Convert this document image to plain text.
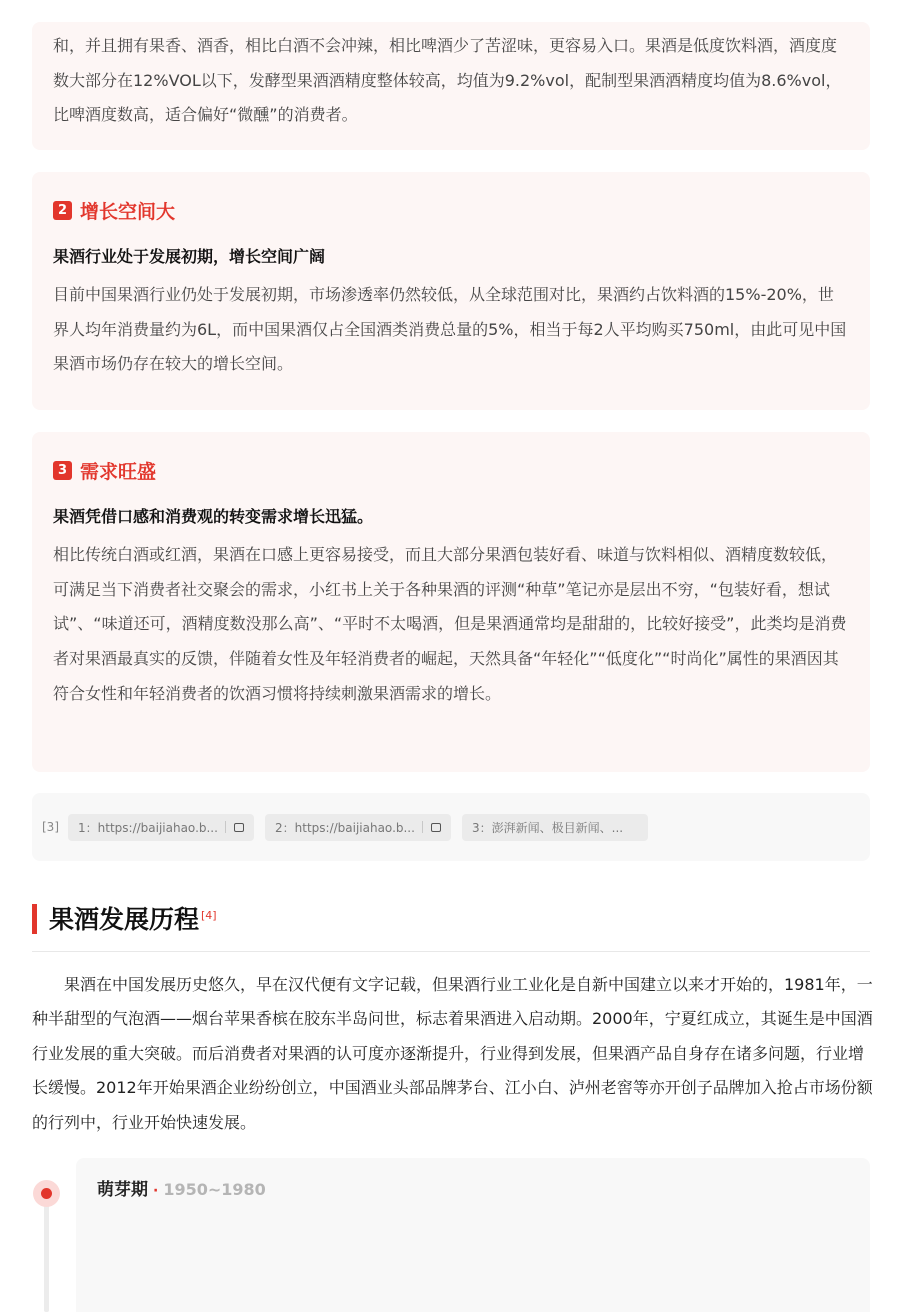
和，并且拥有果香、酒香，相比白酒不会冲辣，相比啤酒少了苦涩味，更容易入口。果酒是低度饮料酒，酒度度数大部分在12%VOL以下，发酵型果酒酒精度整体较高，均值为9.2%vol，配制型果酒酒精度均值为8.6%vol，比啤酒度数高，适合偏好“微醺”的消费者。
2 增长空间大
果酒行业处于发展初期，增长空间广阔
目前中国果酒行业仍处于发展初期，市场渗透率仍然较低，从全球范围对比，果酒约占饮料酒的15%-20%，世界人均年消费量约为6L，而中国果酒仅占全国酒类消费总量的5%，相当于每2人平均购买750ml，由此可见中国果酒市场仍存在较大的增长空间。
3 需求旺盛
果酒凭借口感和消费观的转变需求增长迅猛。
相比传统白酒或红酒，果酒在口感上更容易接受，而且大部分果酒包装好看、味道与饮料相似、酒精度数较低，可满足当下消费者社交聚会的需求，小红书上关于各种果酒的评测“种草”笔记亦是层出不穷，“包装好看，想试试”、“味道还可，酒精度数没那么高”、“平时不太喝酒，但是果酒通常均是甜甜的，比较好接受”，此类均是消费者对果酒最真实的反馈，伴随着女性及年轻消费者的崛起，天然具备“年轻化”“低度化”“时尚化”属性的果酒因其符合女性和年轻消费者的饮酒习惯将持续刺激果酒需求的增长。
[3] 1：https://baijiahao.b...	2：https://baijiahao.b...	3：澎湃新闻、极目新闻、...
果酒发展历程 [4]
果酒在中国发展历史悠久，早在汉代便有文字记载，但果酒行业工业化是自新中国建立以来才开始的，1981年，一种半甜型的气泡酒——烟台苹果香槟在胶东半岛问世，标志着果酒进入启动期。2000年，宁夏红成立，其诞生是中国酒行业发展的重大突破。而后消费者对果酒的认可度亦逐渐提升，行业得到发展，但果酒产品自身存在诸多问题，行业增长缓慢。2012年开始果酒企业纷纷创立，中国酒业头部品牌茅台、江小白、泸州老窖等亦开创子品牌加入抢占市场份额的行列中，行业开始快速发展。
萌芽期 · 1950~1980
